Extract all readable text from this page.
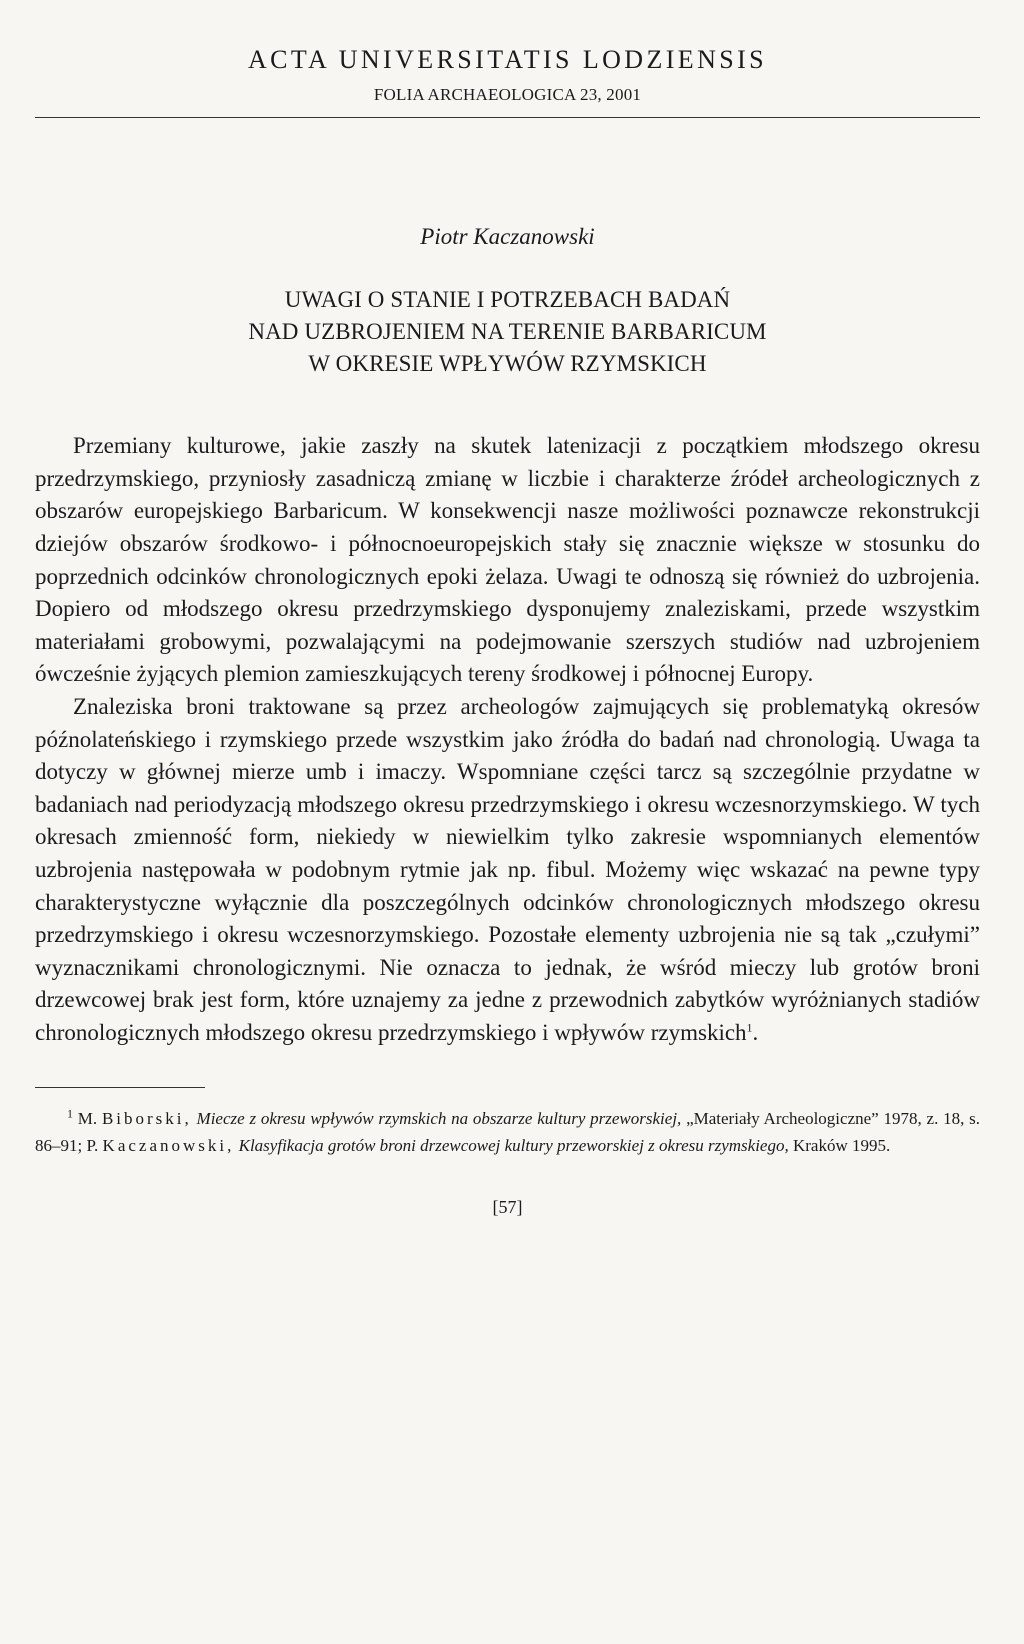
ACTA UNIVERSITATIS LODZIENSIS
FOLIA ARCHAEOLOGICA 23, 2001
Piotr Kaczanowski
UWAGI O STANIE I POTRZEBACH BADAŃ
NAD UZBROJENIEM NA TERENIE BARBARICUM
W OKRESIE WPŁYWÓW RZYMSKICH

Przemiany kulturowe, jakie zaszły na skutek latenizacji z początkiem młodszego okresu przedrzymskiego, przyniosły zasadniczą zmianę w liczbie i charakterze źródeł archeologicznych z obszarów europejskiego Barbaricum. W konsekwencji nasze możliwości poznawcze rekonstrukcji dziejów obszarów środkowo- i północnoeuropejskich stały się znacznie większe w stosunku do poprzednich odcinków chronologicznych epoki żelaza. Uwagi te odnoszą się również do uzbrojenia. Dopiero od młodszego okresu przedrzymskiego dysponujemy znaleziskami, przede wszystkim materiałami grobowymi, pozwalającymi na podejmowanie szerszych studiów nad uzbrojeniem ówcześnie żyjących plemion zamieszkujących tereny środkowej i północnej Europy.

Znaleziska broni traktowane są przez archeologów zajmujących się problematyką okresów późnolateńskiego i rzymskiego przede wszystkim jako źródła do badań nad chronologią. Uwaga ta dotyczy w głównej mierze umb i imaczy. Wspomniane części tarcz są szczególnie przydatne w badaniach nad periodyzacją młodszego okresu przedrzymskiego i okresu wczesnorzymskiego. W tych okresach zmienność form, niekiedy w niewielkim tylko zakresie wspomnianych elementów uzbrojenia następowała w podobnym rytmie jak np. fibul. Możemy więc wskazać na pewne typy charakterystyczne wyłącznie dla poszczególnych odcinków chronologicznych młodszego okresu przedrzymskiego i okresu wczesnorzymskiego. Pozostałe elementy uzbrojenia nie są tak „czułymi” wyznacznikami chronologicznymi. Nie oznacza to jednak, że wśród mieczy lub grotów broni drzewcowej brak jest form, które uznajemy za jedne z przewodnich zabytków wyróżnianych stadiów chronologicznych młodszego okresu przedrzymskiego i wpływów rzymskich$^1$.

$^1$ M. Biborski, Miecze z okresu wpływów rzymskich na obszarze kultury przeworskiej, „Materiały Archeologiczne” 1978, z. 18, s. 86–91; P. Kaczanowski, Klasyfikacja grotów broni drzewcowej kultury przeworskiej z okresu rzymskiego, Kraków 1995.
[57]
